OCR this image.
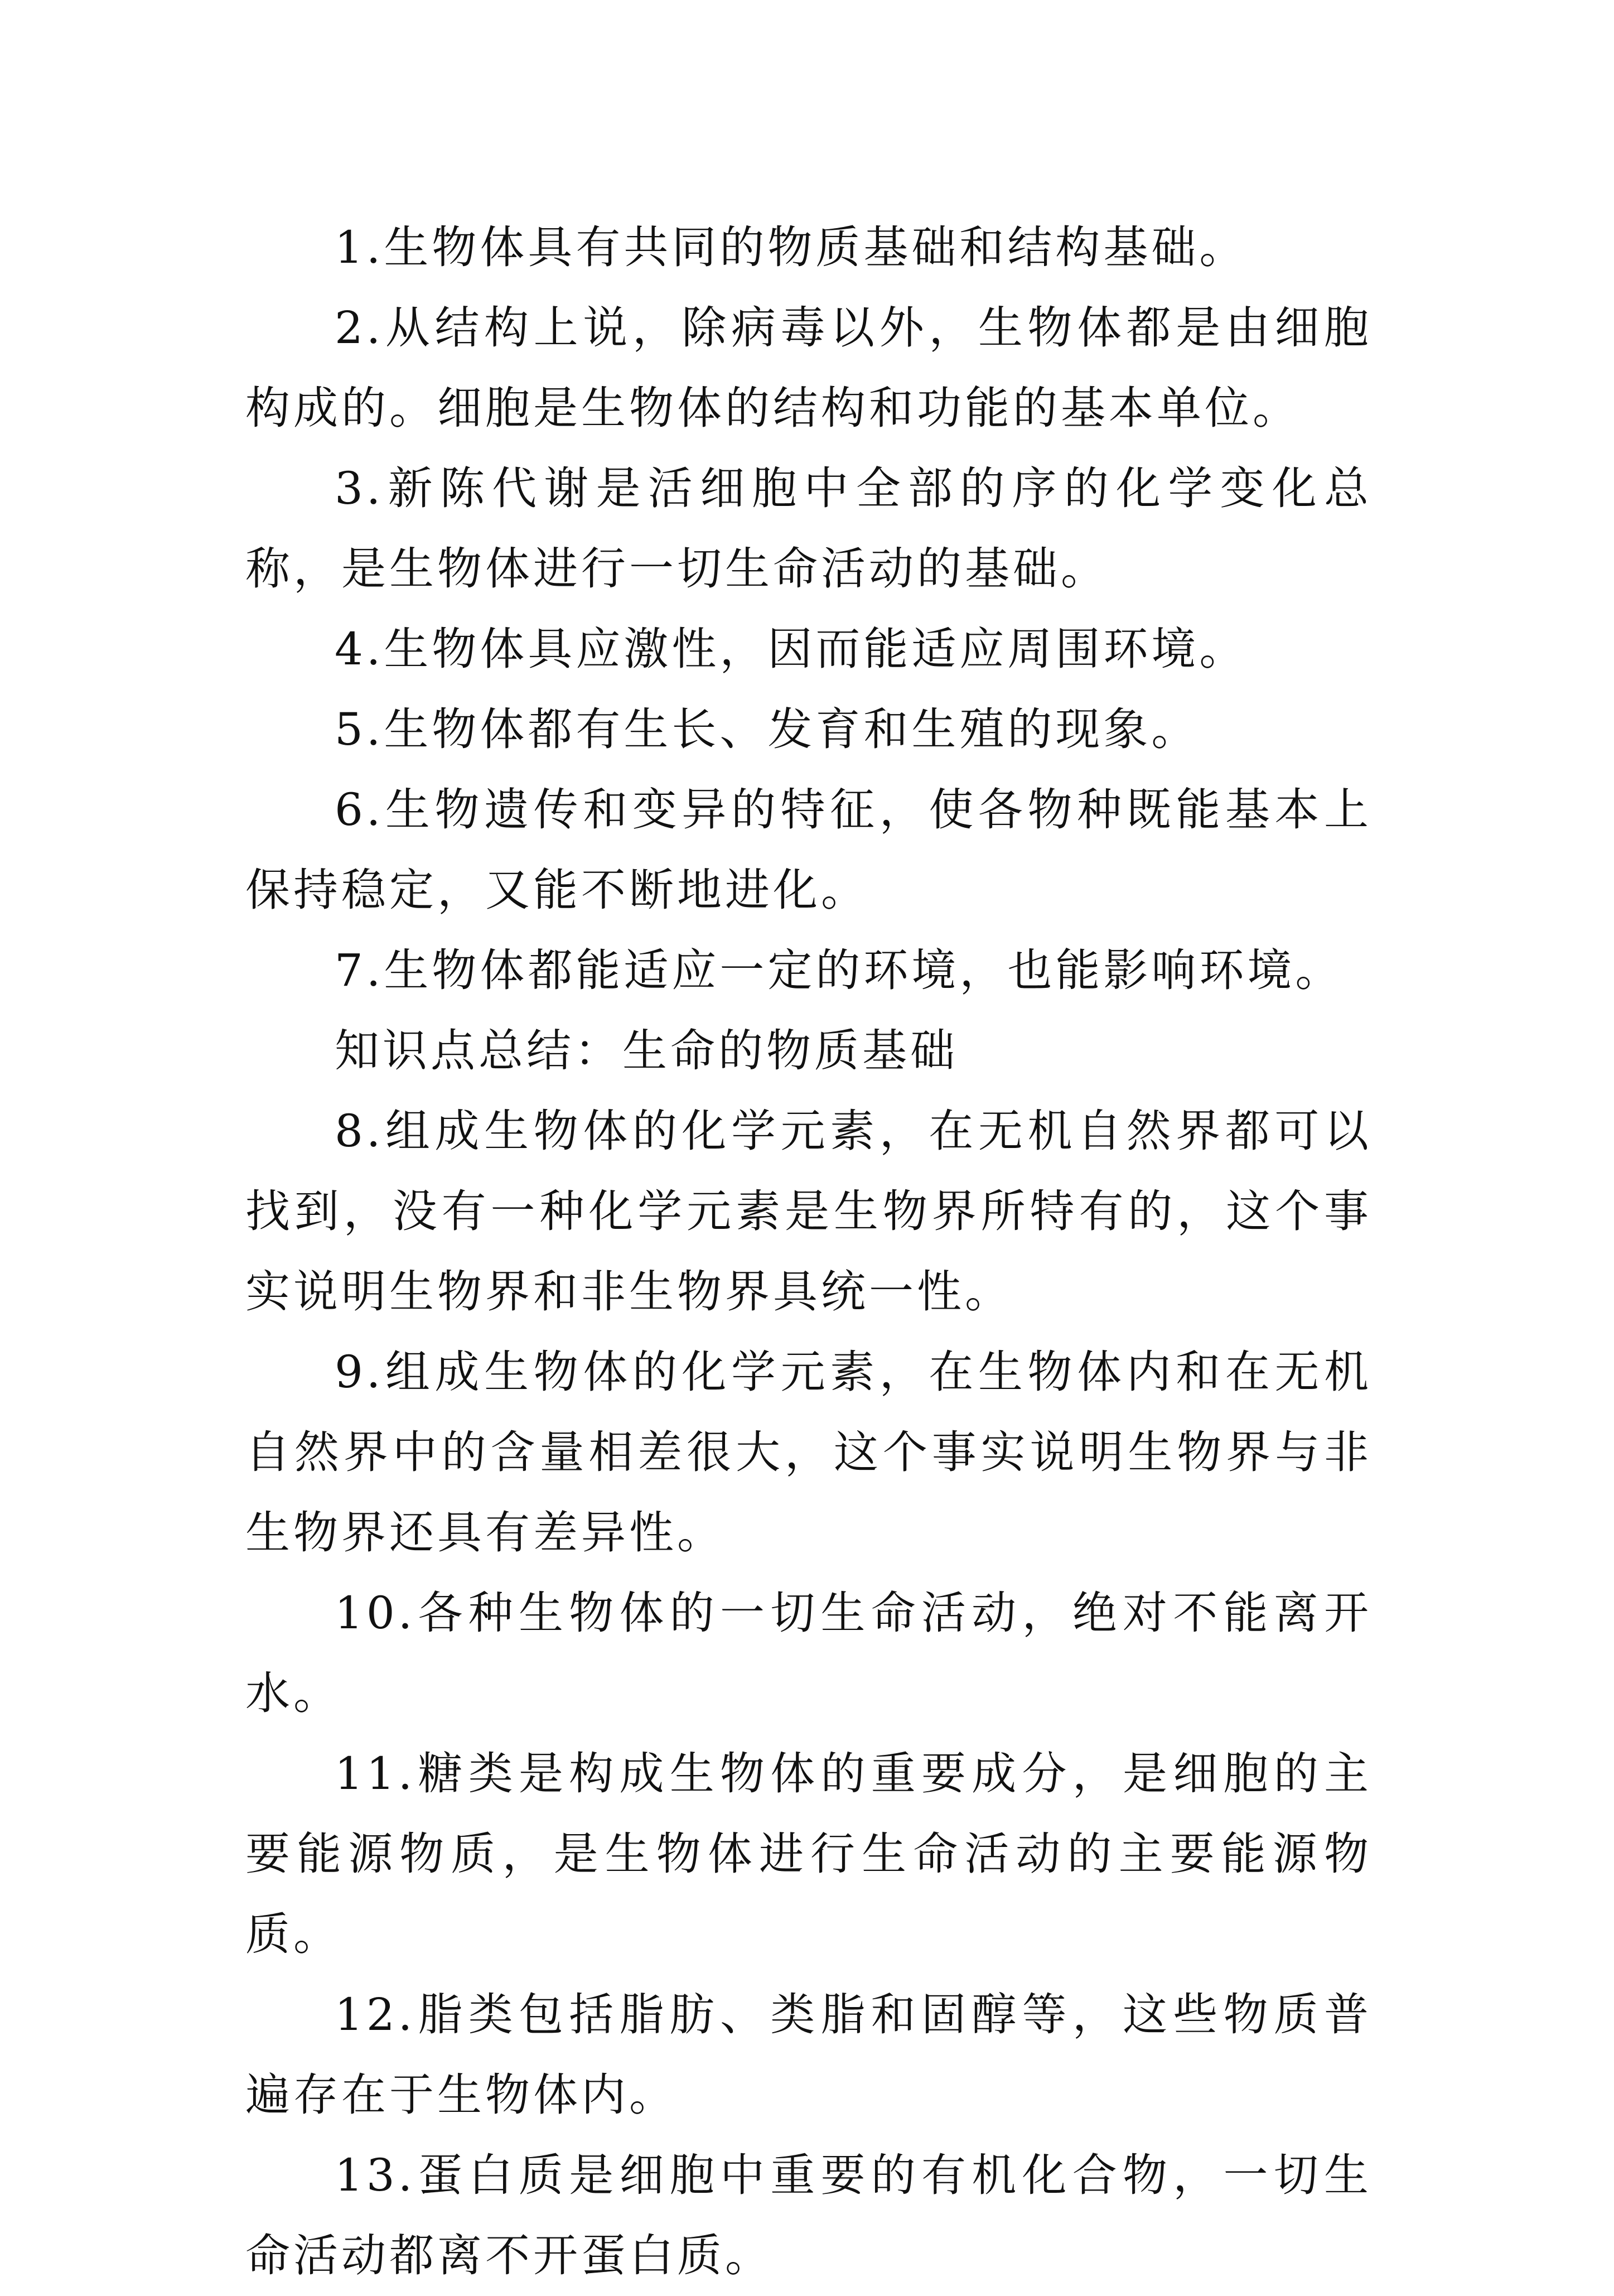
1.生物体具有共同的物质基础和结构基础。

2.从结构上说，除病毒以外，生物体都是由细胞构成的。细胞是生物体的结构和功能的基本单位。

3.新陈代谢是活细胞中全部的序的化学变化总称，是生物体进行一切生命活动的基础。

4.生物体具应激性，因而能适应周围环境。

5.生物体都有生长、发育和生殖的现象。

6.生物遗传和变异的特征，使各物种既能基本上保持稳定，又能不断地进化。

7.生物体都能适应一定的环境，也能影响环境。

知识点总结：生命的物质基础

8.组成生物体的化学元素，在无机自然界都可以找到，没有一种化学元素是生物界所特有的，这个事实说明生物界和非生物界具统一性。

9.组成生物体的化学元素，在生物体内和在无机自然界中的含量相差很大，这个事实说明生物界与非生物界还具有差异性。

10.各种生物体的一切生命活动，绝对不能离开水。

11.糖类是构成生物体的重要成分，是细胞的主要能源物质，是生物体进行生命活动的主要能源物质。

12.脂类包括脂肪、类脂和固醇等，这些物质普遍存在于生物体内。

13.蛋白质是细胞中重要的有机化合物，一切生命活动都离不开蛋白质。
